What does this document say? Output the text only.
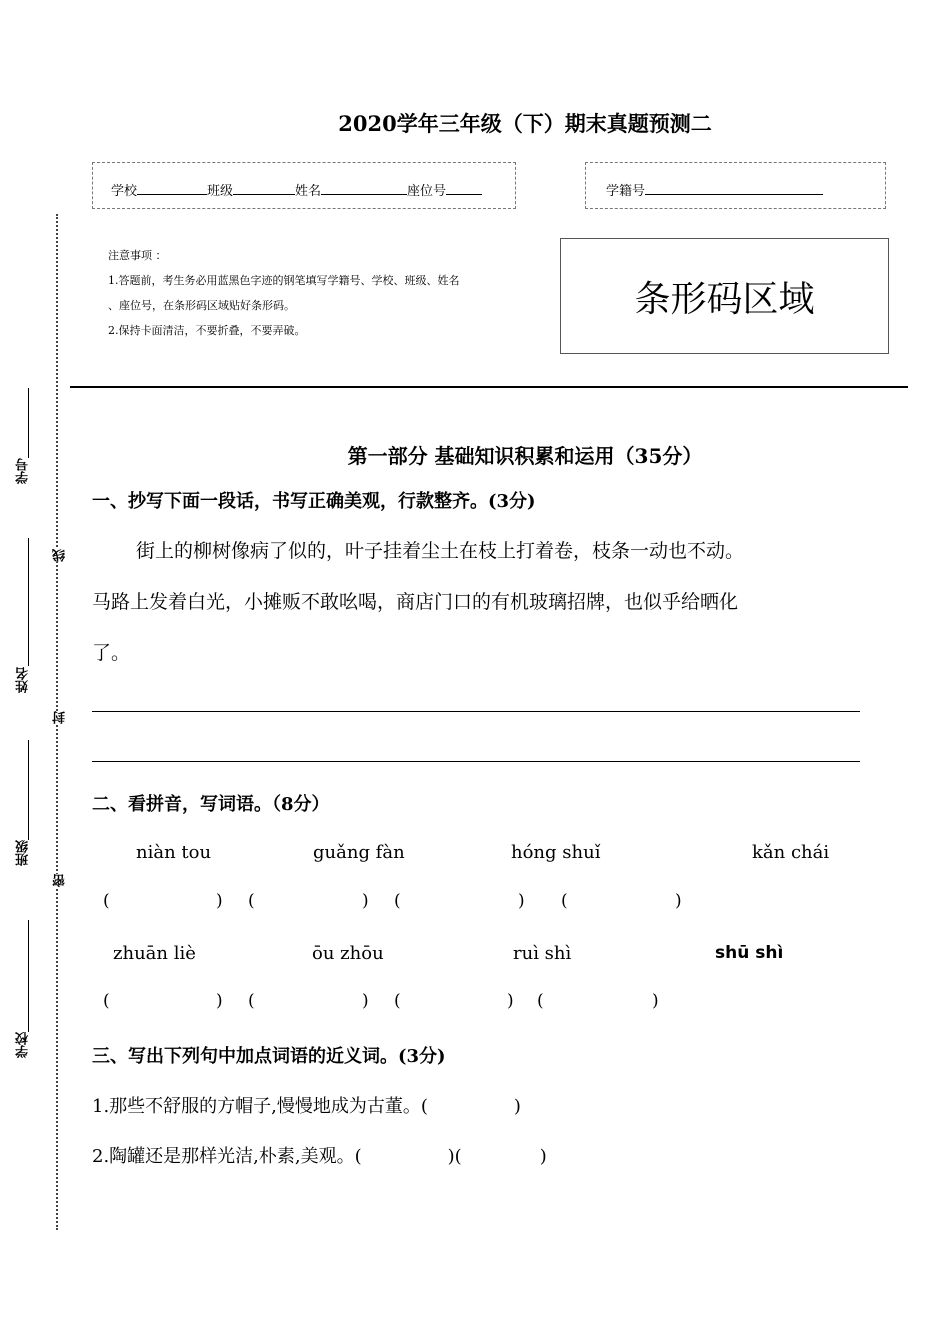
2020学年三年级（下）期末真题预测二
学校	班级	姓名	座位号	学籍号
注意事项 ：
1.答题前，考生务必用蓝黑色字迹的钢笔填写学籍号、学校、班级、姓名
、座位号，在条形码区域贴好条形码。
2.保持卡面清洁，不要折叠，不要弄破。
条形码区域
第一部分 基础知识积累和运用（35分）
一、抄写下面一段话，书写正确美观，行款整齐。(3分)
街上的柳树像病了似的，叶子挂着尘土在枝上打着卷，枝条一动也不动。
马路上发着白光，小摊贩不敢吆喝，商店门口的有机玻璃招牌，也似乎给晒化
了。
二、看拼音，写词语。（8分）
niàn tou	guǎng fàn	hóng shuǐ	kǎn chái
(	) (	) (	) (	)
zhuān liè	ōu zhōu	ruì shì	shū shì
(	) (	) (	) (	)
三、写出下列句中加点词语的近义词。(3分)
1.那些不舒服的方帽子,慢慢地成为古董。(	)
2.陶罐还是那样光洁,朴素,美观。(	)(	)
学号
姓名
班级
学校
线
封
密
